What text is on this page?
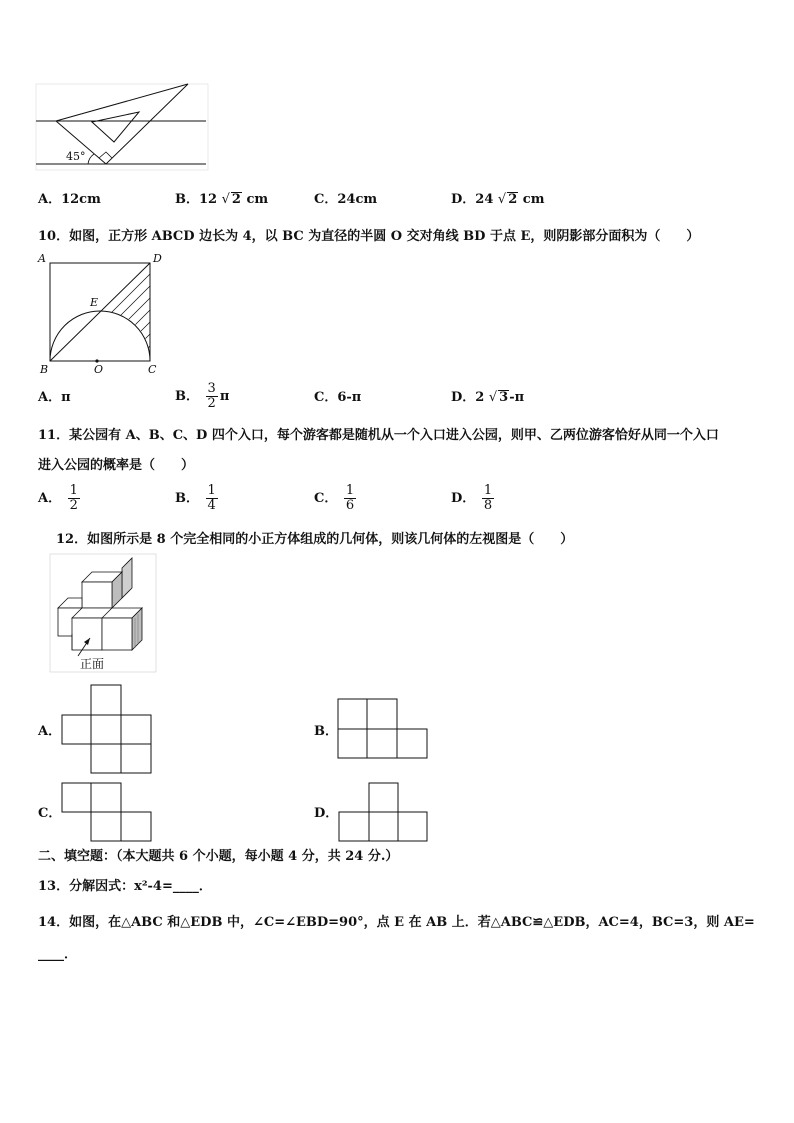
45°
A．12cm	B．12 √ 2 cm	C．24cm	D．24 √ 2 cm
10．如图，正方形 ABCD 边长为 4，以 BC 为直径的半圆 O 交对角线 BD 于点 E，则阴影部分面积为（　　）
A	D
E
B	O	C
A．π	B． $\frac{3}{2}$ π	C．6-π	D．2 √ 3-π
11．某公园有 A、B、C、D 四个入口，每个游客都是随机从一个入口进入公园，则甲、乙两位游客恰好从同一个入口
进入公园的概率是（　　）
A． $\frac{1}{2}$	B． $\frac{1}{4}$	C． $\frac{1}{6}$	D． $\frac{1}{8}$
12．如图所示是 8 个完全相同的小正方体组成的几何体，则该几何体的左视图是（　　）
正面
A．	B．
C．	D．
二、填空题：（本大题共 6 个小题，每小题 4 分，共 24 分.）
13．分解因式：x²-4=____．
14．如图，在△ABC 和△EDB 中，∠C=∠EBD=90°，点 E 在 AB 上．若△ABC≌△EDB，AC=4，BC=3，则 AE=
____．
